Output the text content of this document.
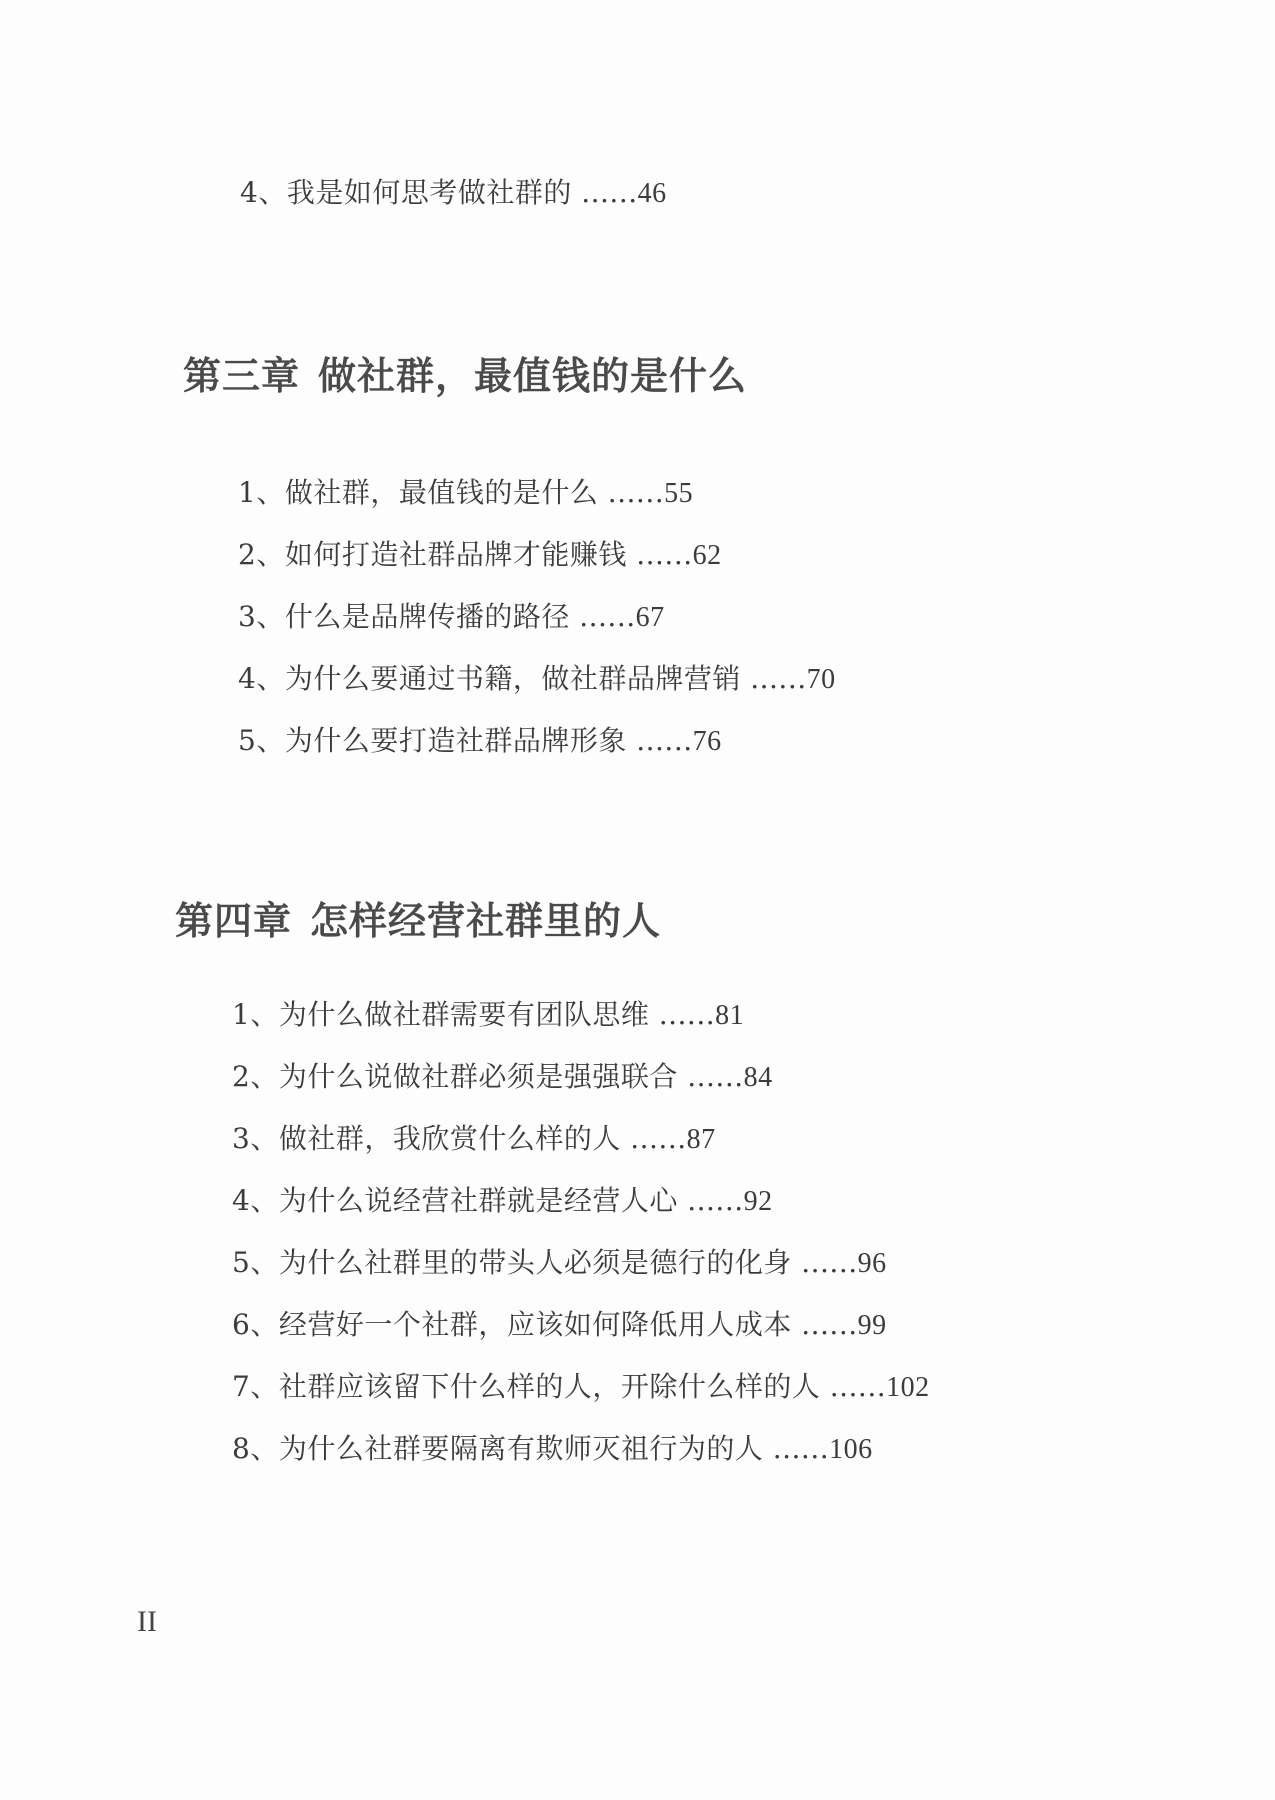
4、我是如何思考做社群的 ......46
第三章 做社群，最值钱的是什么
1、做社群，最值钱的是什么 ......55
2、如何打造社群品牌才能赚钱 ......62
3、什么是品牌传播的路径 ......67
4、为什么要通过书籍，做社群品牌营销 ......70
5、为什么要打造社群品牌形象 ......76
第四章 怎样经营社群里的人
1、为什么做社群需要有团队思维 ......81
2、为什么说做社群必须是强强联合 ......84
3、做社群，我欣赏什么样的人 ......87
4、为什么说经营社群就是经营人心 ......92
5、为什么社群里的带头人必须是德行的化身 ......96
6、经营好一个社群，应该如何降低用人成本 ......99
7、社群应该留下什么样的人，开除什么样的人 ......102
8、为什么社群要隔离有欺师灭祖行为的人 ......106
II
